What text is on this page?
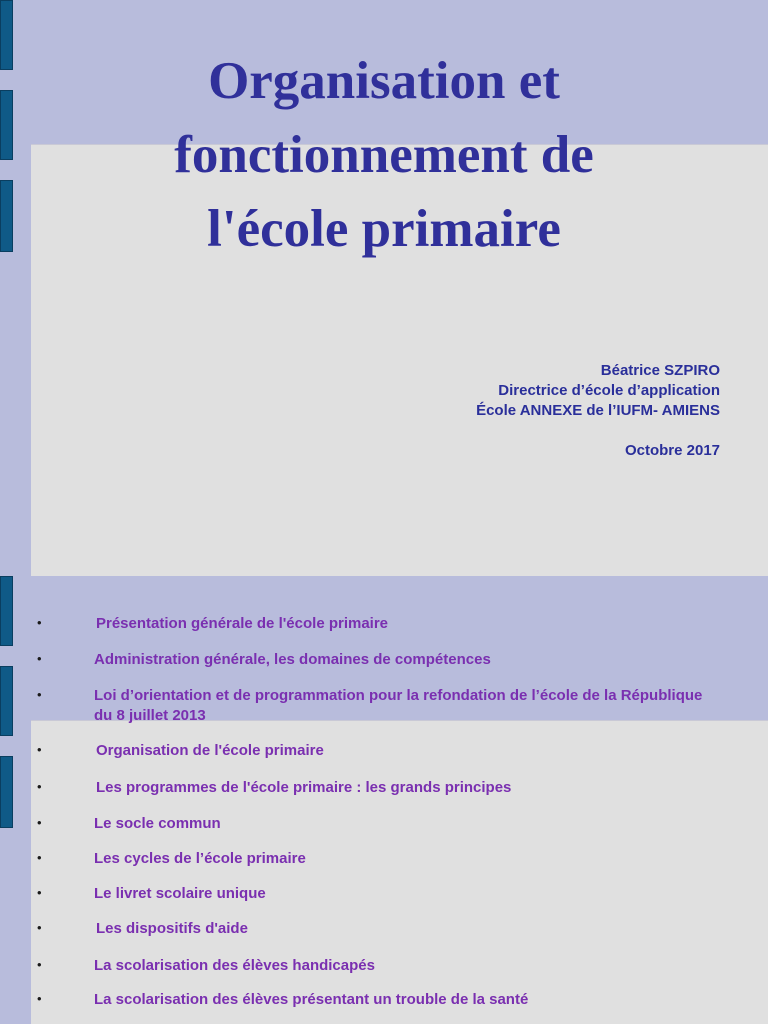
Organisation et
fonctionnement de
l'école primaire
Béatrice SZPIRO
Directrice d’école d’application
École ANNEXE de l’IUFM- AMIENS
Octobre 2017
•	Présentation générale de l'école primaire
•	Administration générale, les domaines de compétences
•	Loi d’orientation et de programmation pour la refondation de l’école de la République du 8 juillet 2013
•	Organisation de l'école primaire
•	Les programmes de l'école primaire : les grands principes
•	Le socle commun
•	Les cycles de l’école primaire
•	Le livret scolaire unique
•	Les dispositifs d'aide
•	La scolarisation des élèves handicapés
•	La scolarisation des élèves présentant un trouble de la santé
